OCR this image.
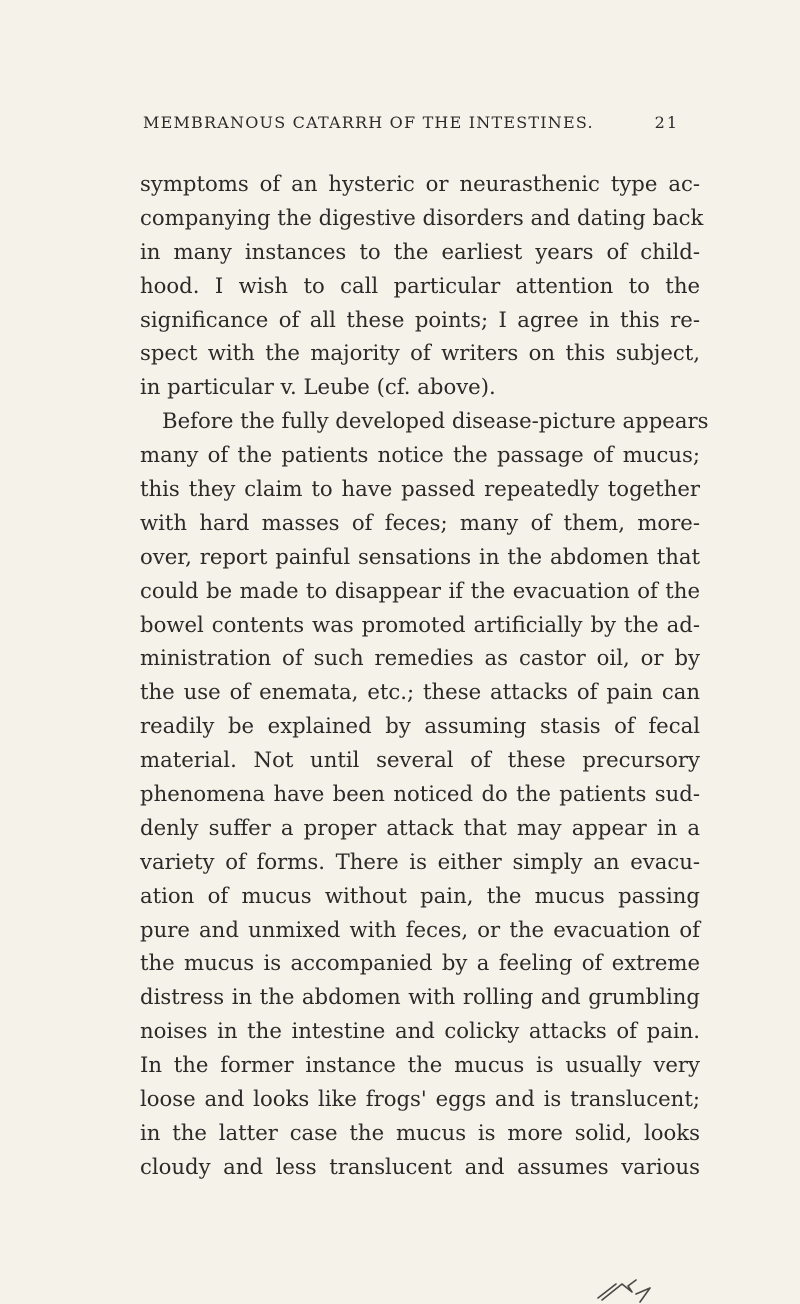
MEMBRANOUS CATARRH OF THE INTESTINES.	21
symptoms of an hysteric or neurasthenic type ac-
companying the digestive disorders and dating back
in many instances to the earliest years of child-
hood. I wish to call particular attention to the
significance of all these points; I agree in this re-
spect with the majority of writers on this subject,
in particular v. Leube (cf. above).
Before the fully developed disease-picture appears
many of the patients notice the passage of mucus;
this they claim to have passed repeatedly together
with hard masses of feces; many of them, more-
over, report painful sensations in the abdomen that
could be made to disappear if the evacuation of the
bowel contents was promoted artificially by the ad-
ministration of such remedies as castor oil, or by
the use of enemata, etc.; these attacks of pain can
readily be explained by assuming stasis of fecal
material. Not until several of these precursory
phenomena have been noticed do the patients sud-
denly suffer a proper attack that may appear in a
variety of forms. There is either simply an evacu-
ation of mucus without pain, the mucus passing
pure and unmixed with feces, or the evacuation of
the mucus is accompanied by a feeling of extreme
distress in the abdomen with rolling and grumbling
noises in the intestine and colicky attacks of pain.
In the former instance the mucus is usually very
loose and looks like frogs' eggs and is translucent;
in the latter case the mucus is more solid, looks
cloudy and less translucent and assumes various
